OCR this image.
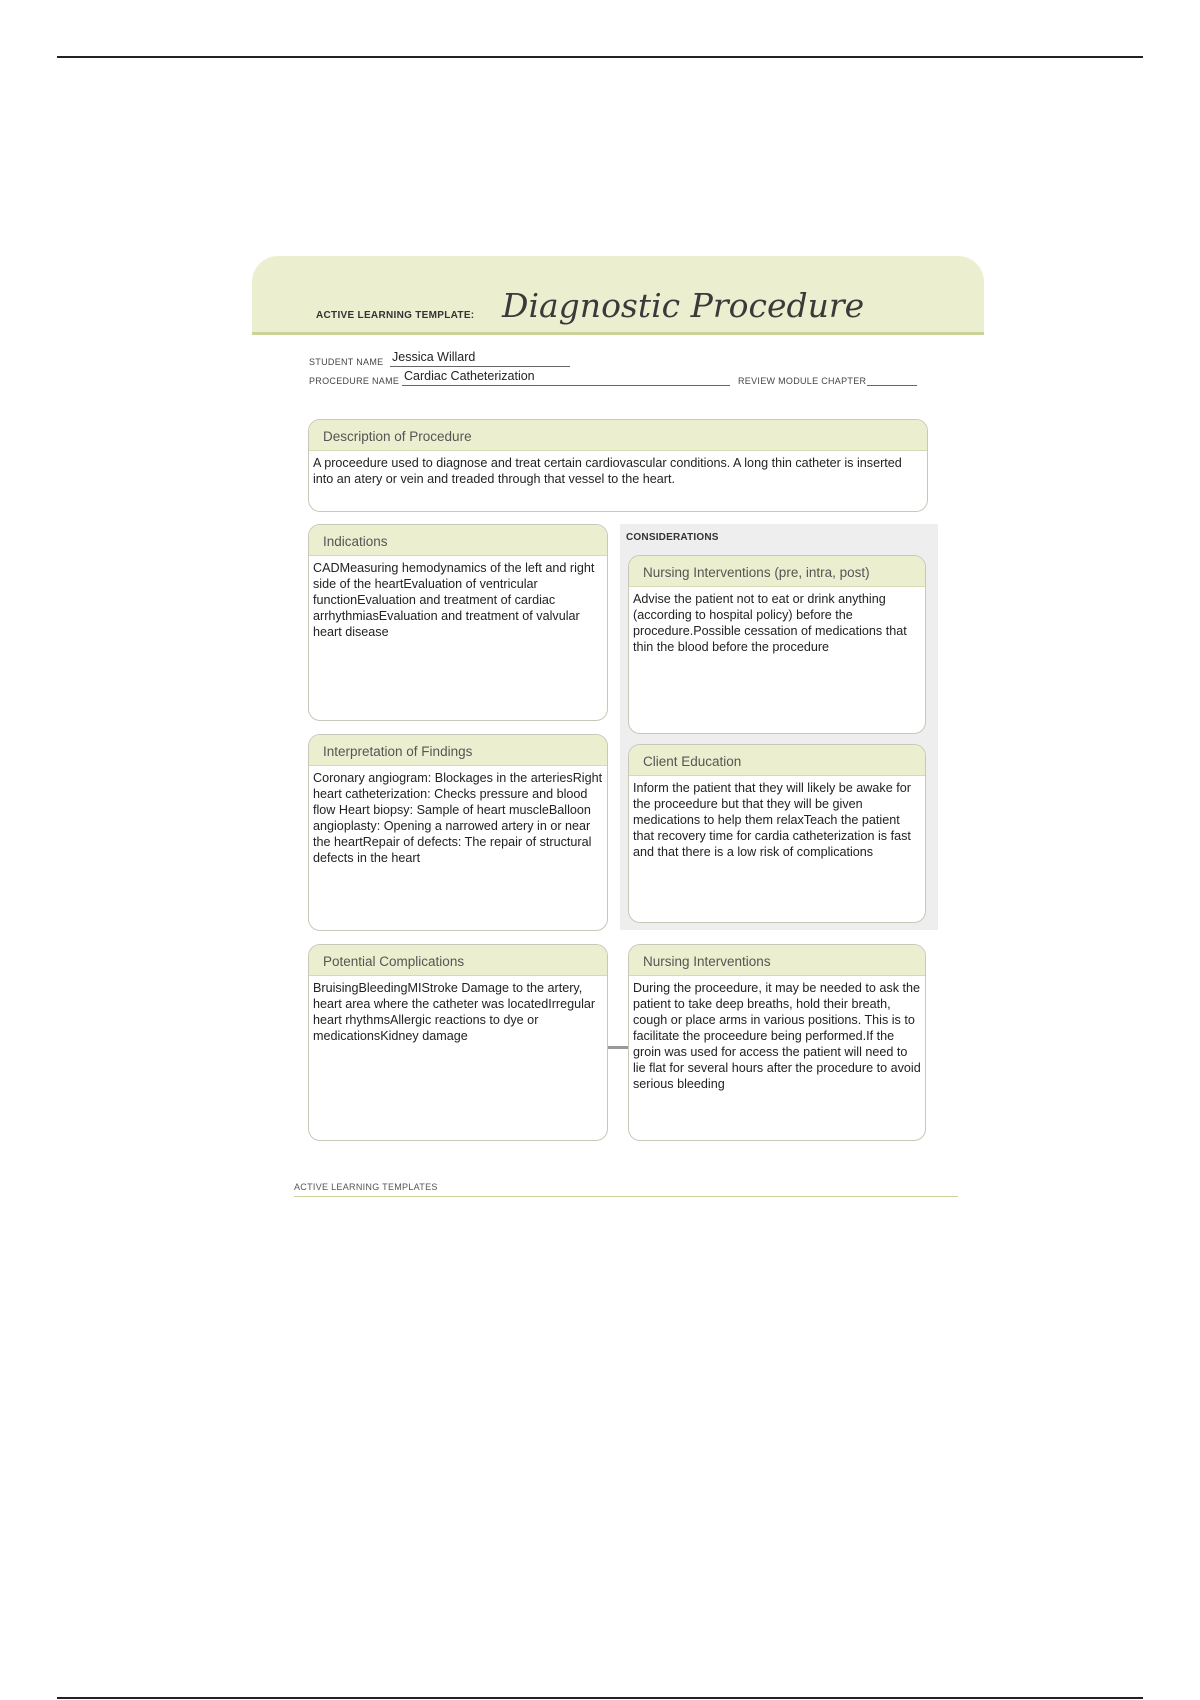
ACTIVE LEARNING TEMPLATE: Diagnostic Procedure
STUDENT NAME Jessica Willard
PROCEDURE NAME Cardiac Catheterization	REVIEW MODULE CHAPTER
Description of Procedure
A proceedure used to diagnose and treat certain cardiovascular conditions. A long thin catheter is inserted into an atery or vein and treaded through that vessel to the heart.
Indications
CADMeasuring hemodynamics of the left and right side of the heartEvaluation of ventricular functionEvaluation and treatment of cardiac arrhythmiasEvaluation and treatment of valvular heart disease
CONSIDERATIONS
Nursing Interventions (pre, intra, post)
Advise the patient not to eat or drink anything (according to hospital policy) before the procedure.Possible cessation of medications that thin the blood before the procedure
Interpretation of Findings
Coronary angiogram: Blockages in the arteriesRight heart catheterization: Checks pressure and blood flow Heart biopsy: Sample of heart muscleBalloon angioplasty: Opening a narrowed artery in or near the heartRepair of defects: The repair of structural defects in the heart
Client Education
Inform the patient that they will likely be awake for the proceedure but that they will be given medications to help them relaxTeach the patient that recovery time for cardia catheterization is fast and that there is a low risk of complications
Potential Complications
BruisingBleedingMIStroke Damage to the artery, heart area where the catheter was locatedIrregular heart rhythmsAllergic reactions to dye or medicationsKidney damage
Nursing Interventions
During the proceedure, it may be needed to ask the patient to take deep breaths, hold their breath, cough or place arms in various positions. This is to facilitate the proceedure being performed.If the groin was used for access the patient will need to lie flat for several hours after the procedure to avoid serious bleeding
ACTIVE LEARNING TEMPLATES
